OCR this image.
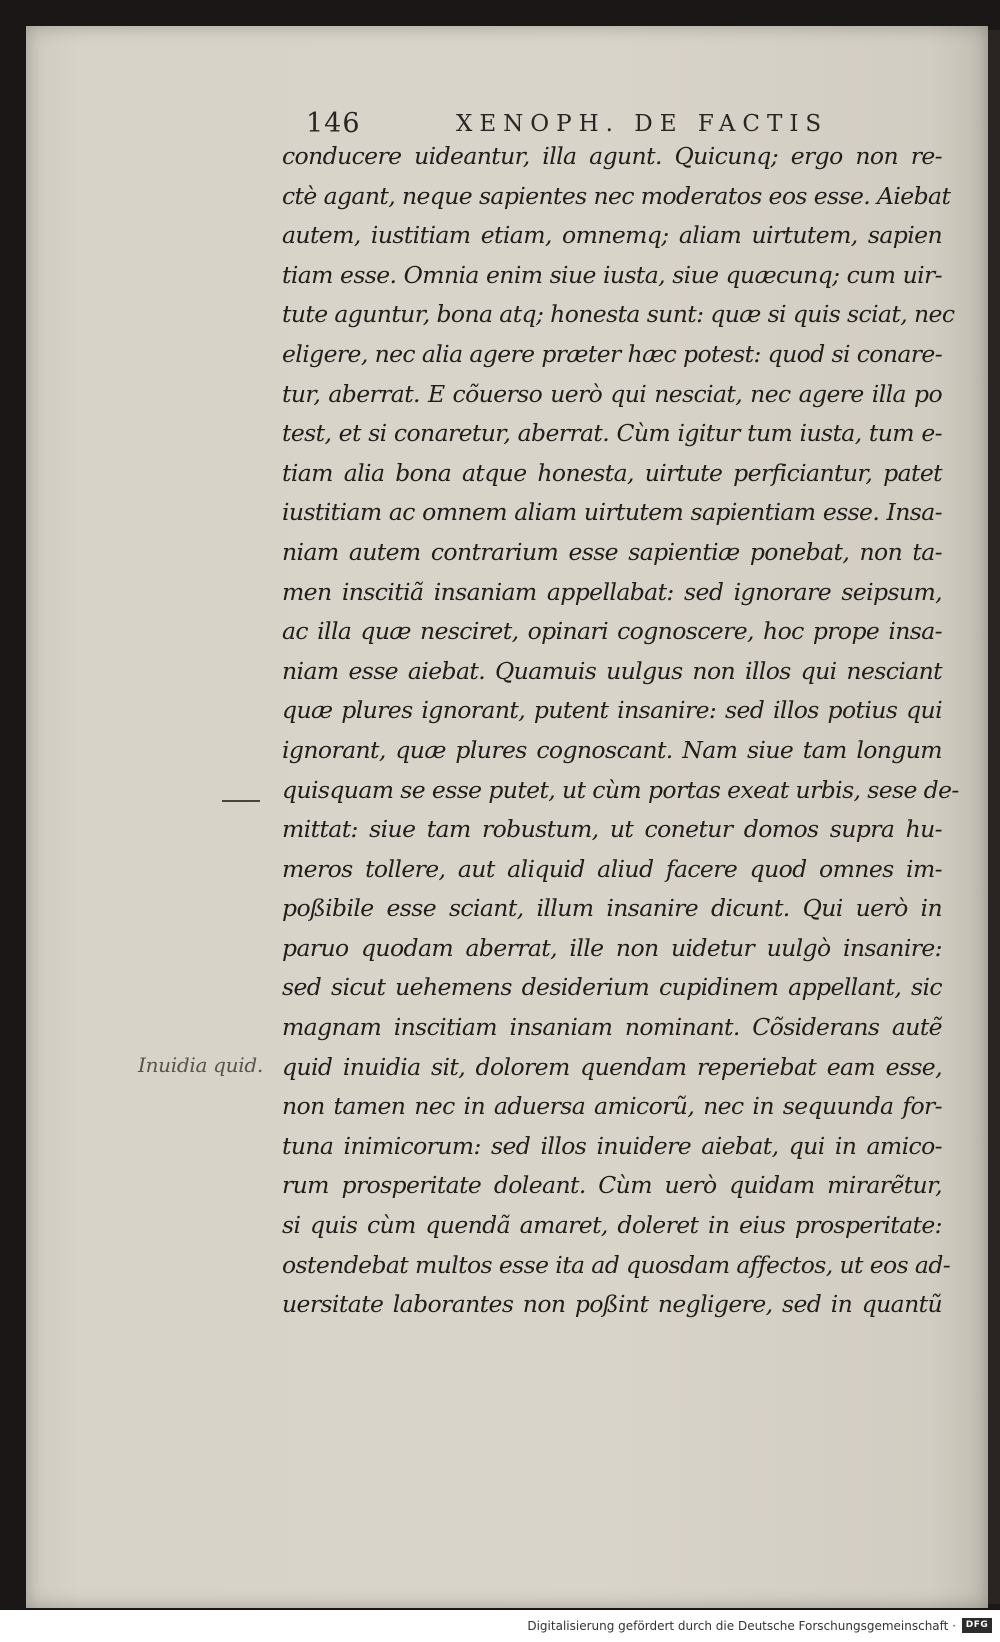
146	XENOPH. DE FACTIS
Inuidia quid.
conducere uideantur, illa agunt. Quicunq; ergo non re-
ctè agant, neque sapientes nec moderatos eos esse. Aiebat
autem, iustitiam etiam, omnemq; aliam uirtutem, sapien
tiam esse. Omnia enim siue iusta, siue quæcunq; cum uir-
tute aguntur, bona atq; honesta sunt: quæ si quis sciat, nec
eligere, nec alia agere præter hæc potest: quod si conare-
tur, aberrat. E cõuerso uerò qui nesciat, nec agere illa po
test, et si conaretur, aberrat. Cùm igitur tum iusta, tum e-
tiam alia bona atque honesta, uirtute perficiantur, patet
iustitiam ac omnem aliam uirtutem sapientiam esse. Insa-
niam autem contrarium esse sapientiæ ponebat, non ta-
men inscitiã insaniam appellabat: sed ignorare seipsum,
ac illa quæ nesciret, opinari cognoscere, hoc prope insa-
niam esse aiebat. Quamuis uulgus non illos qui nesciant
quæ plures ignorant, putent insanire: sed illos potius qui
ignorant, quæ plures cognoscant. Nam siue tam longum
quisquam se esse putet, ut cùm portas exeat urbis, sese de-
mittat: siue tam robustum, ut conetur domos supra hu-
meros tollere, aut aliquid aliud facere quod omnes im-
poßibile esse sciant, illum insanire dicunt. Qui uerò in
paruo quodam aberrat, ille non uidetur uulgò insanire:
sed sicut uehemens desiderium cupidinem appellant, sic
magnam inscitiam insaniam nominant. Cõsiderans autẽ
quid inuidia sit, dolorem quendam reperiebat eam esse,
non tamen nec in aduersa amicorũ, nec in sequunda for-
tuna inimicorum: sed illos inuidere aiebat, qui in amico-
rum prosperitate doleant. Cùm uerò quidam mirarẽtur,
si quis cùm quendã amaret, doleret in eius prosperitate:
ostendebat multos esse ita ad quosdam affectos, ut eos ad-
uersitate laborantes non poßint negligere, sed in quantũ
Digitalisierung gefördert durch die Deutsche Forschungsgemeinschaft ·	DFG
